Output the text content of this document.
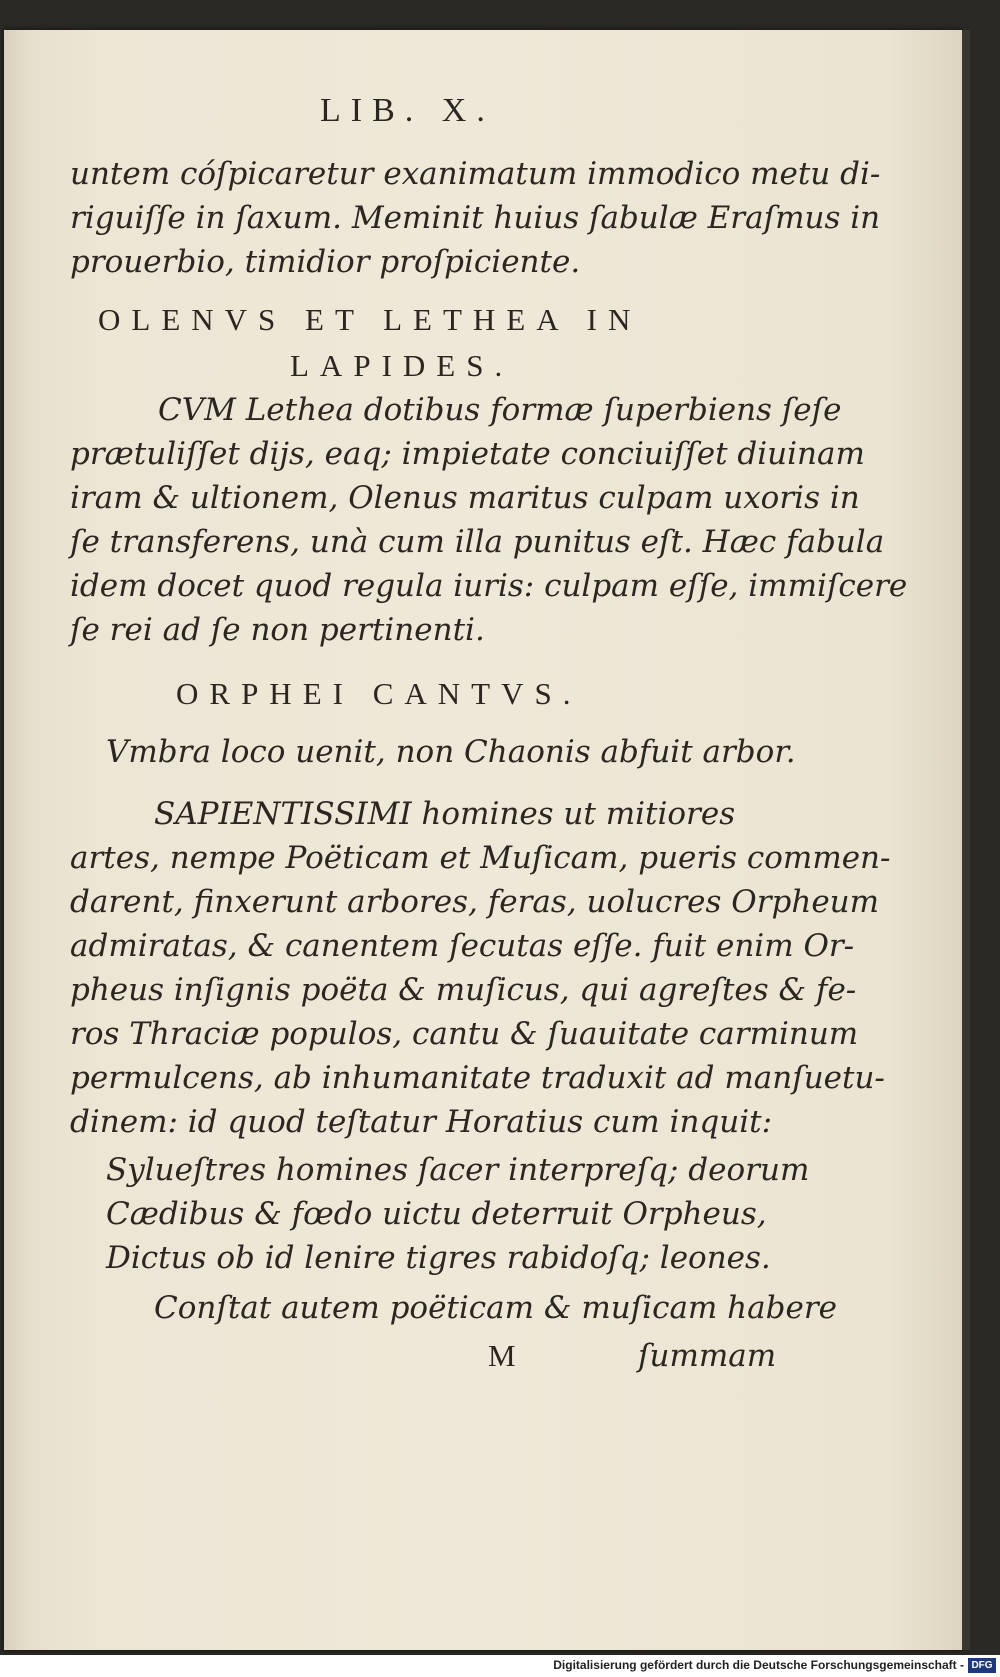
LIB. X.
untem cóſpicaretur exanimatum immodico metu di-
riguiſſe in ſaxum. Meminit huius ſabulæ Eraſmus in
prouerbio, timidior proſpiciente.
OLENVS ET LETHEA IN
LAPIDES.
CVM Lethea dotibus formæ ſuperbiens ſeſe
prætuliſſet dijs, eaq; impietate conciuiſſet diuinam
iram & ultionem, Olenus maritus culpam uxoris in
ſe transferens, unà cum illa punitus eſt. Hæc fabula
idem docet quod regula iuris: culpam eſſe, immiſcere
ſe rei ad ſe non pertinenti.
ORPHEI CANTVS.
Vmbra loco uenit, non Chaonis abfuit arbor.
SAPIENTISSIMI homines ut mitiores
artes, nempe Poëticam et Muſicam, pueris commen-
darent, finxerunt arbores, feras, uolucres Orpheum
admiratas, & canentem ſecutas eſſe. fuit enim Or-
pheus inſignis poëta & muſicus, qui agreſtes & fe-
ros Thraciæ populos, cantu & ſuauitate carminum
permulcens, ab inhumanitate traduxit ad manſuetu-
dinem: id quod teſtatur Horatius cum inquit:
Sylueſtres homines ſacer interpreſq; deorum
Cædibus & fœdo uictu deterruit Orpheus,
Dictus ob id lenire tigres rabidoſq; leones.
Conſtat autem poëticam & muſicam habere
M	ſummam
Digitalisierung gefördert durch die Deutsche Forschungsgemeinschaft - DFG
